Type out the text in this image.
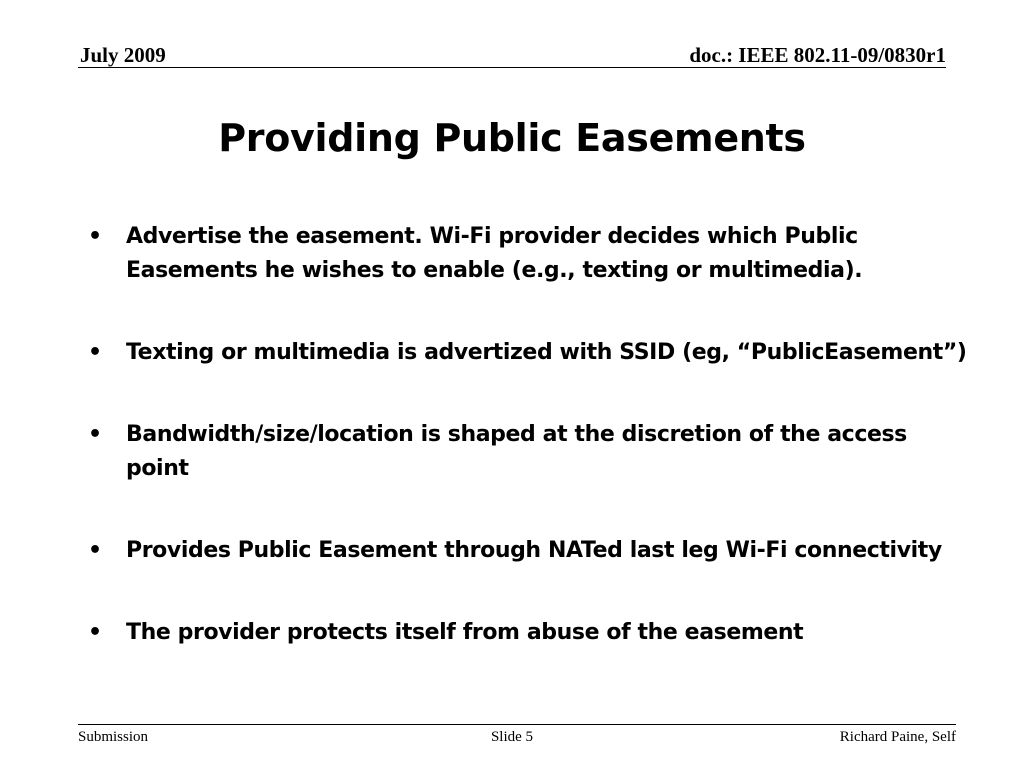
July 2009	doc.: IEEE 802.11-09/0830r1
Providing Public Easements
• Advertise the easement. Wi-Fi provider decides which Public Easements he wishes to enable (e.g., texting or multimedia).
• Texting or multimedia is advertized with SSID (eg, “PublicEasement”)
• Bandwidth/size/location is shaped at the discretion of the access point
• Provides Public Easement through NATed last leg Wi-Fi connectivity
• The provider protects itself from abuse of the easement
Submission	Slide 5	Richard Paine, Self
